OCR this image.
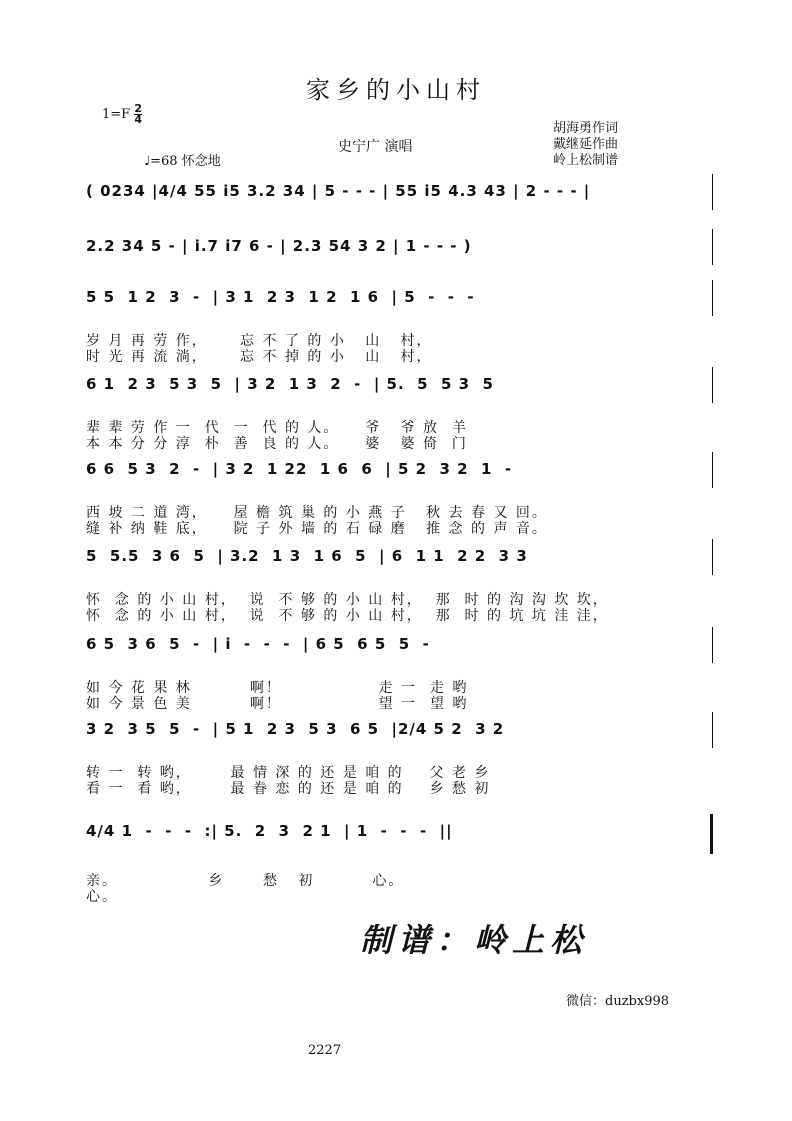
家乡的小山村
$1=F \frac{2}{4}$
♩=68 怀念地
史宁广 演唱
胡海勇作词
戴继延作曲
岭上松制谱
( 0234 |4/4 55 i5 3.2 34 | 5 - - - | 55 i5 4.3 43 | 2 - - - |
2.2 34 5 - | i.7 i7 6 - | 2.3 54 3 2 | 1 - - - )
5 5  1 2  3  -  | 3 1  2 3  1 2  1 6  | 5  -  -  -
岁 月 再 劳 作，     忘 不 了 的 小   山   村，
时 光 再 流 淌，     忘 不 掉 的 小   山   村，
6 1  2 3  5 3  5  | 3 2  1 3  2  -  | 5.  5  5 3  5
辈 辈 劳 作 一  代  一  代 的 人。    爷   爷 放  羊
本 本 分 分 淳  朴  善  良 的 人。    婆   婆 倚  门
6 6  5 3  2  -  | 3 2  1 22  1 6  6  | 5 2  3 2  1  -
西 坡 二 道 湾，    屋 檐 筑 巢 的 小 燕 子   秋 去 春 又 回。
缝 补 纳 鞋 底，    院 子 外 墙 的 石 碌 磨   推 念 的 声 音。
5  5.5  3 6  5  | 3.2  1 3  1 6  5  | 6  1 1  2 2  3 3
怀  念 的 小 山 村，  说  不 够 的 小 山 村，  那  时 的 沟 沟 坎 坎，
怀  念 的 小 山 村，  说  不 够 的 小 山 村，  那  时 的 坑 坑 洼 洼，
6 5  3 6  5  -  | i  -  -  -  | 6 5  6 5  5  -
如 今 花 果 林         啊！               走 一  走 哟
如 今 景 色 美         啊！               望 一  望 哟
3 2  3 5  5  -  | 5 1  2 3  5 3  6 5  |2/4 5 2  3 2
转 一  转 哟，      最 情 深 的 还 是 咱 的    父 老 乡
看 一  看 哟，      最 眷 恋 的 还 是 咱 的    乡 愁 初
4/4 1  -  -  -  :| 5.  2  3  2 1  | 1  -  -  -  ||
亲。              乡      愁   初         心。
心。
制谱：岭上松
微信：duzbx998
2227
